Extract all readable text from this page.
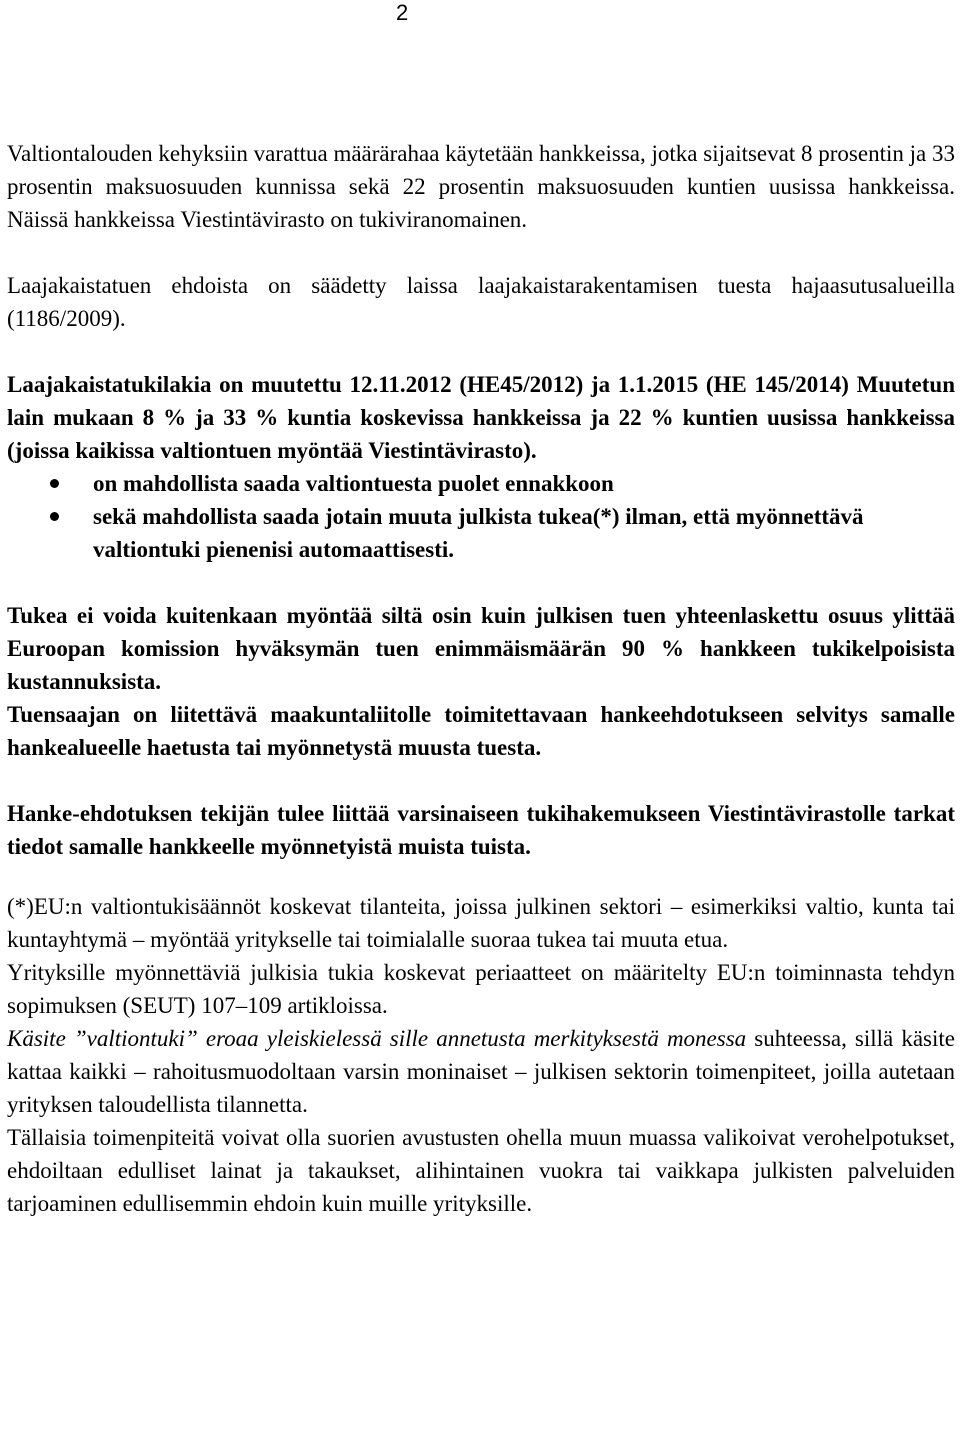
2

Valtiontalouden kehyksiin varattua määrärahaa käytetään hankkeissa, jotka sijaitsevat 8 prosentin ja 33 prosentin maksuosuuden kunnissa sekä 22 prosentin maksuosuuden kuntien uusissa hankkeissa. Näissä hankkeissa Viestintävirasto on tukiviranomainen.

Laajakaistatuen ehdoista on säädetty laissa laajakaistarakentamisen tuesta hajaasutusalueilla (1186/2009).

Laajakaistatukilakia on muutettu 12.11.2012 (HE45/2012) ja 1.1.2015 (HE 145/2014) Muutetun lain mukaan 8 % ja 33 % kuntia koskevissa hankkeissa ja 22 % kuntien uusissa hankkeissa (joissa kaikissa valtiontuen myöntää Viestintävirasto).

on mahdollista saada valtiontuesta puolet ennakkoon
sekä mahdollista saada jotain muuta julkista tukea(*) ilman, että myönnettävä valtiontuki pienenisi automaattisesti.

Tukea ei voida kuitenkaan myöntää siltä osin kuin julkisen tuen yhteenlaskettu osuus ylittää Euroopan komission hyväksymän tuen enimmäismäärän 90 % hankkeen tukikelpoisista kustannuksista.

Tuensaajan on liitettävä maakuntaliitolle toimitettavaan hankeehdotukseen selvitys samalle hankealueelle haetusta tai myönnetystä muusta tuesta.

Hanke-ehdotuksen tekijän tulee liittää varsinaiseen tukihakemukseen Viestintävirastolle tarkat tiedot samalle hankkeelle myönnetyistä muista tuista.

(*)EU:n valtiontukisäännöt koskevat tilanteita, joissa julkinen sektori – esimerkiksi valtio, kunta tai kuntayhtymä – myöntää yritykselle tai toimialalle suoraa tukea tai muuta etua.

Yrityksille myönnettäviä julkisia tukia koskevat periaatteet on määritelty EU:n toiminnasta tehdyn sopimuksen (SEUT) 107–109 artikloissa.

Käsite ”valtiontuki” eroaa yleiskielessä sille annetusta merkityksestä monessa suhteessa, sillä käsite kattaa kaikki – rahoitusmuodoltaan varsin moninaiset – julkisen sektorin toimenpiteet, joilla autetaan yrityksen taloudellista tilannetta.

Tällaisia toimenpiteitä voivat olla suorien avustusten ohella muun muassa valikoivat verohelpotukset, ehdoiltaan edulliset lainat ja takaukset, alihintainen vuokra tai vaikkapa julkisten palveluiden tarjoaminen edullisemmin ehdoin kuin muille yrityksille.
